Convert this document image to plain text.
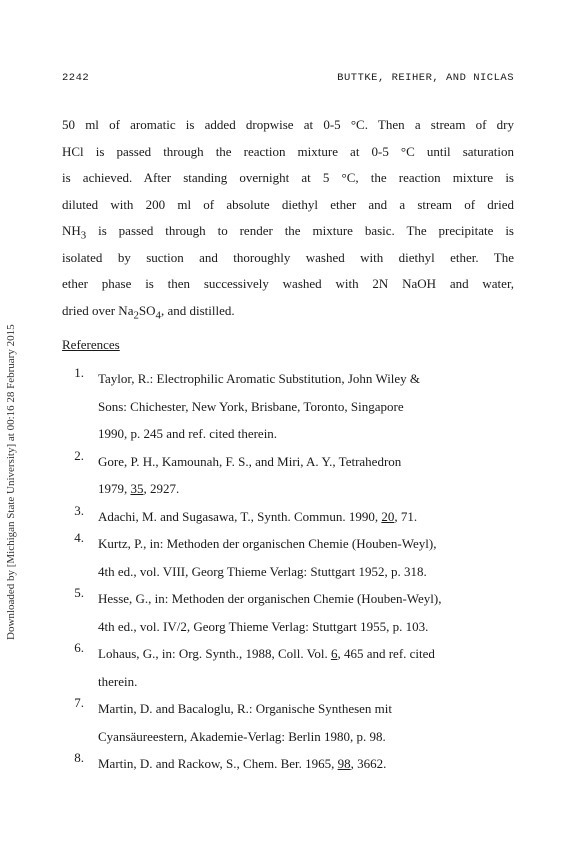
2242	BUTTKE, REIHER, AND NICLAS
Downloaded by [Michigan State University] at 00:16 28 February 2015
50 ml of aromatic is added dropwise at 0-5 °C. Then a stream of dry
HCl is passed through the reaction mixture at 0-5 °C until saturation
is achieved. After standing overnight at 5 °C, the reaction mixture is
diluted with 200 ml of absolute diethyl ether and a stream of dried
$NH_3$ is passed through to render the mixture basic. The precipitate is
isolated by suction and thoroughly washed with diethyl ether. The
ether phase is then successively washed with 2N NaOH and water,
dried over $Na_2SO_4$, and distilled.
References
1.	Taylor, R.: Electrophilic Aromatic Substitution, John Wiley &
Sons: Chichester, New York, Brisbane, Toronto, Singapore
1990, p. 245 and ref. cited therein.
2.	Gore, P. H., Kamounah, F. S., and Miri, A. Y., Tetrahedron
1979, 35, 2927.
3.	Adachi, M. and Sugasawa, T., Synth. Commun. 1990, 20, 71.
4.	Kurtz, P., in: Methoden der organischen Chemie (Houben-Weyl),
4th ed., vol. VIII, Georg Thieme Verlag: Stuttgart 1952, p. 318.
5.	Hesse, G., in: Methoden der organischen Chemie (Houben-Weyl),
4th ed., vol. IV/2, Georg Thieme Verlag: Stuttgart 1955, p. 103.
6.	Lohaus, G., in: Org. Synth., 1988, Coll. Vol. 6, 465 and ref. cited
therein.
7.	Martin, D. and Bacaloglu, R.: Organische Synthesen mit
Cyansäureestern, Akademie-Verlag: Berlin 1980, p. 98.
8.	Martin, D. and Rackow, S., Chem. Ber. 1965, 98, 3662.
